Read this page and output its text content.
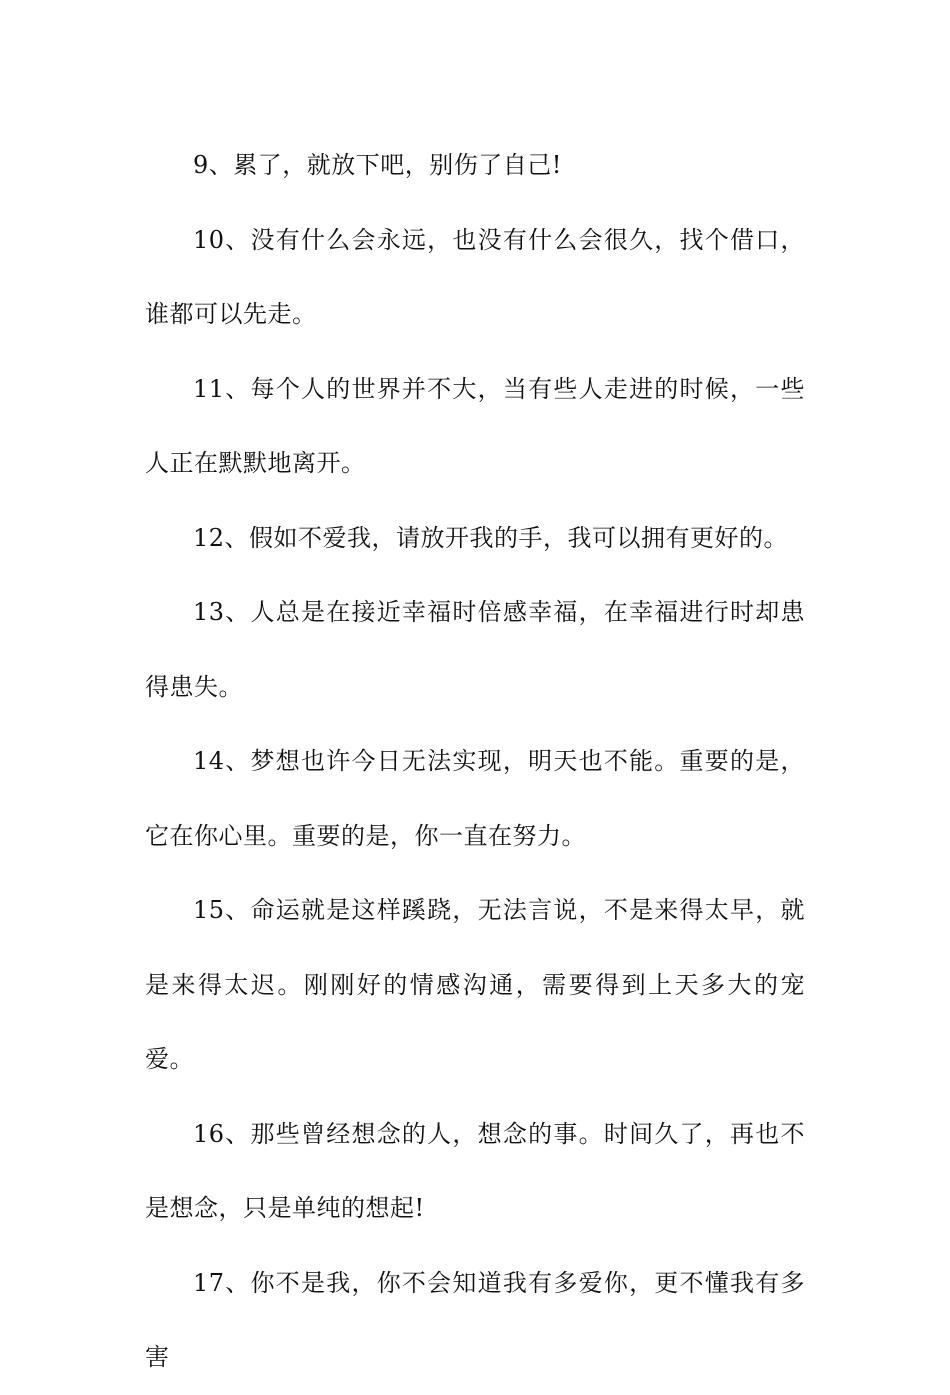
9、累了，就放下吧，别伤了自己!

10、没有什么会永远，也没有什么会很久，找个借口，谁都可以先走。

11、每个人的世界并不大，当有些人走进的时候，一些人正在默默地离开。

12、假如不爱我，请放开我的手，我可以拥有更好的。

13、人总是在接近幸福时倍感幸福，在幸福进行时却患得患失。

14、梦想也许今日无法实现，明天也不能。重要的是，它在你心里。重要的是，你一直在努力。

15、命运就是这样蹊跷，无法言说，不是来得太早，就是来得太迟。刚刚好的情感沟通，需要得到上天多大的宠爱。

16、那些曾经想念的人，想念的事。时间久了，再也不是想念，只是单纯的想起!

17、你不是我，你不会知道我有多爱你，更不懂我有多害
